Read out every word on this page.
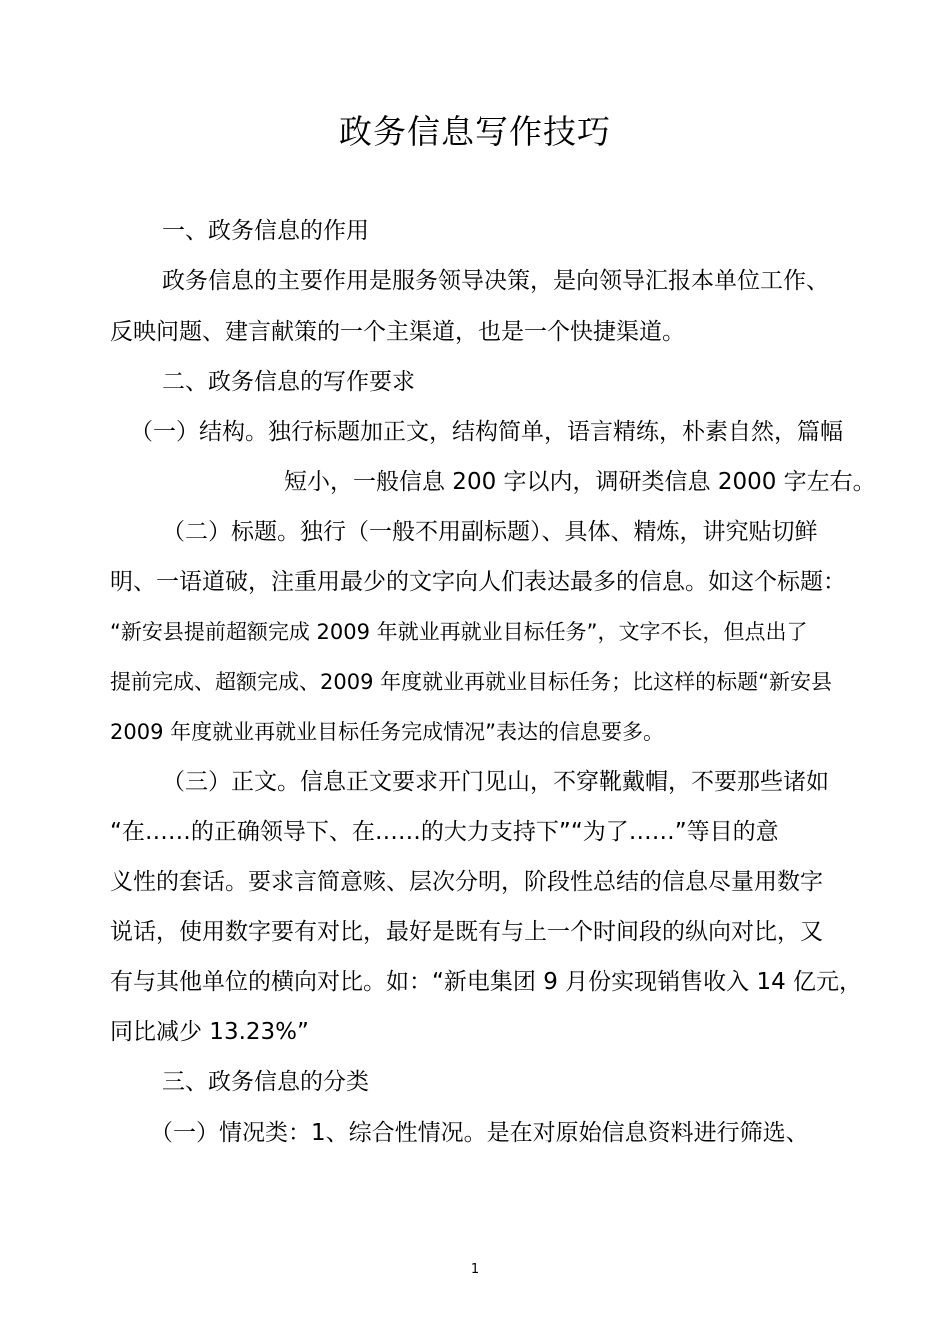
政务信息写作技巧
一、政务信息的作用
政务信息的主要作用是服务领导决策，是向领导汇报本单位工作、
反映问题、建言献策的一个主渠道，也是一个快捷渠道。
二、政务信息的写作要求
（一）结构。独行标题加正文，结构简单，语言精练，朴素自然，篇幅
短小，一般信息 200 字以内，调研类信息 2000 字左右。
（二）标题。独行（一般不用副标题）、具体、精炼，讲究贴切鲜
明、一语道破，注重用最少的文字向人们表达最多的信息。如这个标题：
“新安县提前超额完成 2009 年就业再就业目标任务”，文字不长，但点出了
提前完成、超额完成、2009 年度就业再就业目标任务；比这样的标题“新安县
2009 年度就业再就业目标任务完成情况”表达的信息要多。
（三）正文。信息正文要求开门见山，不穿靴戴帽，不要那些诸如
“在……的正确领导下、在……的大力支持下”“为了……”等目的意
义性的套话。要求言简意赅、层次分明，阶段性总结的信息尽量用数字
说话，使用数字要有对比，最好是既有与上一个时间段的纵向对比，又
有与其他单位的横向对比。如：“新电集团 9 月份实现销售收入 14 亿元，
同比减少 13.23%”
三、政务信息的分类
（一）情况类：1、综合性情况。是在对原始信息资料进行筛选、
1
